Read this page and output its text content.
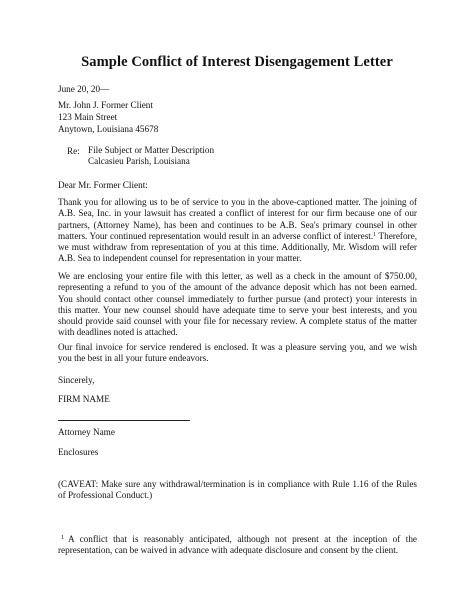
Sample Conflict of Interest Disengagement Letter
June 20, 20—
Mr. John J. Former Client
123 Main Street
Anytown, Louisiana 45678
Re: File Subject or Matter Description
Calcasieu Parish, Louisiana
Dear Mr. Former Client:
Thank you for allowing us to be of service to you in the above-captioned matter. The joining of A.B. Sea, Inc. in your lawsuit has created a conflict of interest for our firm because one of our partners, (Attorney Name), has been and continues to be A.B. Sea's primary counsel in other matters. Your continued representation would result in an adverse conflict of interest.$^1$ Therefore, we must withdraw from representation of you at this time. Additionally, Mr. Wisdom will refer A.B. Sea to independent counsel for representation in your matter.
We are enclosing your entire file with this letter, as well as a check in the amount of $750.00, representing a refund to you of the amount of the advance deposit which has not been earned. You should contact other counsel immediately to further pursue (and protect) your interests in this matter. Your new counsel should have adequate time to serve your best interests, and you should provide said counsel with your file for necessary review. A complete status of the matter with deadlines noted is attached.
Our final invoice for service rendered is enclosed. It was a pleasure serving you, and we wish you the best in all your future endeavors.
Sincerely,
FIRM NAME
Attorney Name
Enclosures
(CAVEAT: Make sure any withdrawal/termination is in compliance with Rule 1.16 of the Rules of Professional Conduct.)
1 A conflict that is reasonably anticipated, although not present at the inception of the representation, can be waived in advance with adequate disclosure and consent by the client.
